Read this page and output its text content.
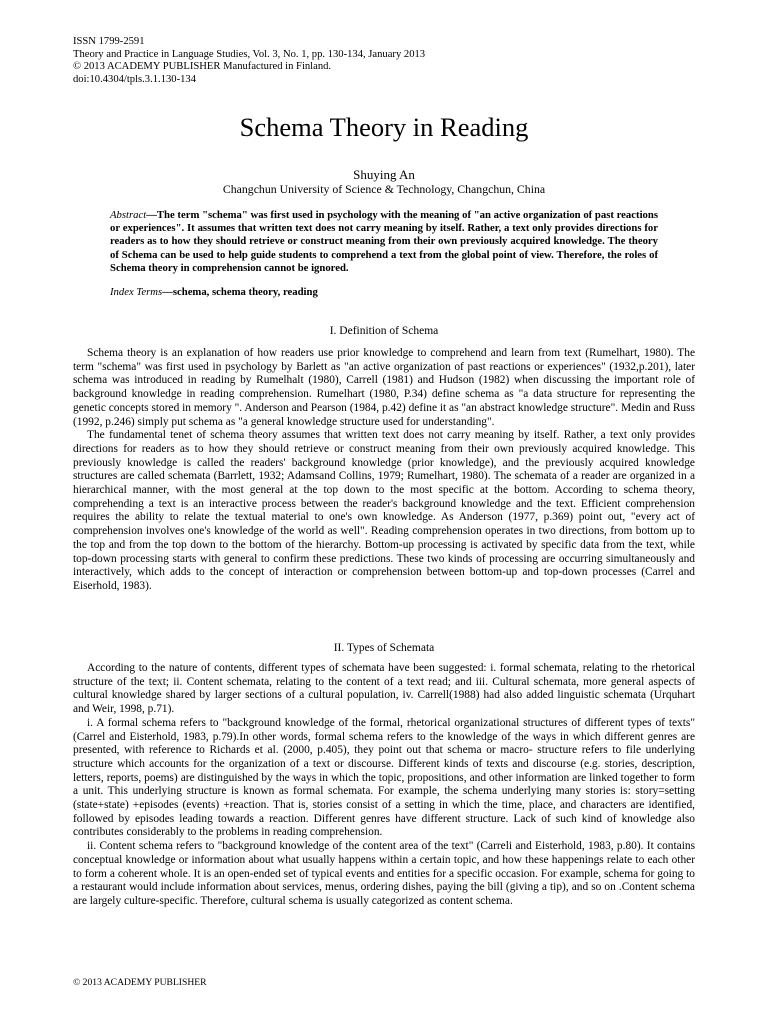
ISSN 1799-2591
Theory and Practice in Language Studies, Vol. 3, No. 1, pp. 130-134, January 2013
© 2013 ACADEMY PUBLISHER Manufactured in Finland.
doi:10.4304/tpls.3.1.130-134
Schema Theory in Reading
Shuying An
Changchun University of Science & Technology, Changchun, China
Abstract—The term "schema" was first used in psychology with the meaning of "an active organization of past reactions or experiences". It assumes that written text does not carry meaning by itself. Rather, a text only provides directions for readers as to how they should retrieve or construct meaning from their own previously acquired knowledge. The theory of Schema can be used to help guide students to comprehend a text from the global point of view. Therefore, the roles of Schema theory in comprehension cannot be ignored.
Index Terms—schema, schema theory, reading
I. Definition of Schema

Schema theory is an explanation of how readers use prior knowledge to comprehend and learn from text (Rumelhart, 1980). The term "schema" was first used in psychology by Barlett as "an active organization of past reactions or experiences" (1932,p.201), later schema was introduced in reading by Rumelhalt (1980), Carrell (1981) and Hudson (1982) when discussing the important role of background knowledge in reading comprehension. Rumelhart (1980, P.34) define schema as "a data structure for representing the genetic concepts stored in memory ". Anderson and Pearson (1984, p.42) define it as "an abstract knowledge structure". Medin and Russ (1992, p.246) simply put schema as "a general knowledge structure used for understanding".

The fundamental tenet of schema theory assumes that written text does not carry meaning by itself. Rather, a text only provides directions for readers as to how they should retrieve or construct meaning from their own previously acquired knowledge. This previously knowledge is called the readers' background knowledge (prior knowledge), and the previously acquired knowledge structures are called schemata (Barrlett, 1932; Adamsand Collins, 1979; Rumelhart, 1980). The schemata of a reader are organized in a hierarchical manner, with the most general at the top down to the most specific at the bottom. According to schema theory, comprehending a text is an interactive process between the reader's background knowledge and the text. Efficient comprehension requires the ability to relate the textual material to one's own knowledge. As Anderson (1977, p.369) point out, "every act of comprehension involves one's knowledge of the world as well". Reading comprehension operates in two directions, from bottom up to the top and from the top down to the bottom of the hierarchy. Bottom-up processing is activated by specific data from the text, while top-down processing starts with general to confirm these predictions. These two kinds of processing are occurring simultaneously and interactively, which adds to the concept of interaction or comprehension between bottom-up and top-down processes (Carrel and Eiserhold, 1983).

II. Types of Schemata

According to the nature of contents, different types of schemata have been suggested: i. formal schemata, relating to the rhetorical structure of the text; ii. Content schemata, relating to the content of a text read; and iii. Cultural schemata, more general aspects of cultural knowledge shared by larger sections of a cultural population, iv. Carrell(1988) had also added linguistic schemata (Urquhart and Weir, 1998, p.71).

i. A formal schema refers to "background knowledge of the formal, rhetorical organizational structures of different types of texts" (Carrel and Eisterhold, 1983, p.79).In other words, formal schema refers to the knowledge of the ways in which different genres are presented, with reference to Richards et al. (2000, p.405), they point out that schema or macro- structure refers to file underlying structure which accounts for the organization of a text or discourse. Different kinds of texts and discourse (e.g. stories, description, letters, reports, poems) are distinguished by the ways in which the topic, propositions, and other information are linked together to form a unit. This underlying structure is known as formal schemata. For example, the schema underlying many stories is: story=setting (state+state) +episodes (events) +reaction. That is, stories consist of a setting in which the time, place, and characters are identified, followed by episodes leading towards a reaction. Different genres have different structure. Lack of such kind of knowledge also contributes considerably to the problems in reading comprehension.

ii. Content schema refers to "background knowledge of the content area of the text" (Carreli and Eisterhold, 1983, p.80). It contains conceptual knowledge or information about what usually happens within a certain topic, and how these happenings relate to each other to form a coherent whole. It is an open-ended set of typical events and entities for a specific occasion. For example, schema for going to a restaurant would include information about services, menus, ordering dishes, paying the bill (giving a tip), and so on .Content schema are largely culture-specific. Therefore, cultural schema is usually categorized as content schema.

© 2013 ACADEMY PUBLISHER
